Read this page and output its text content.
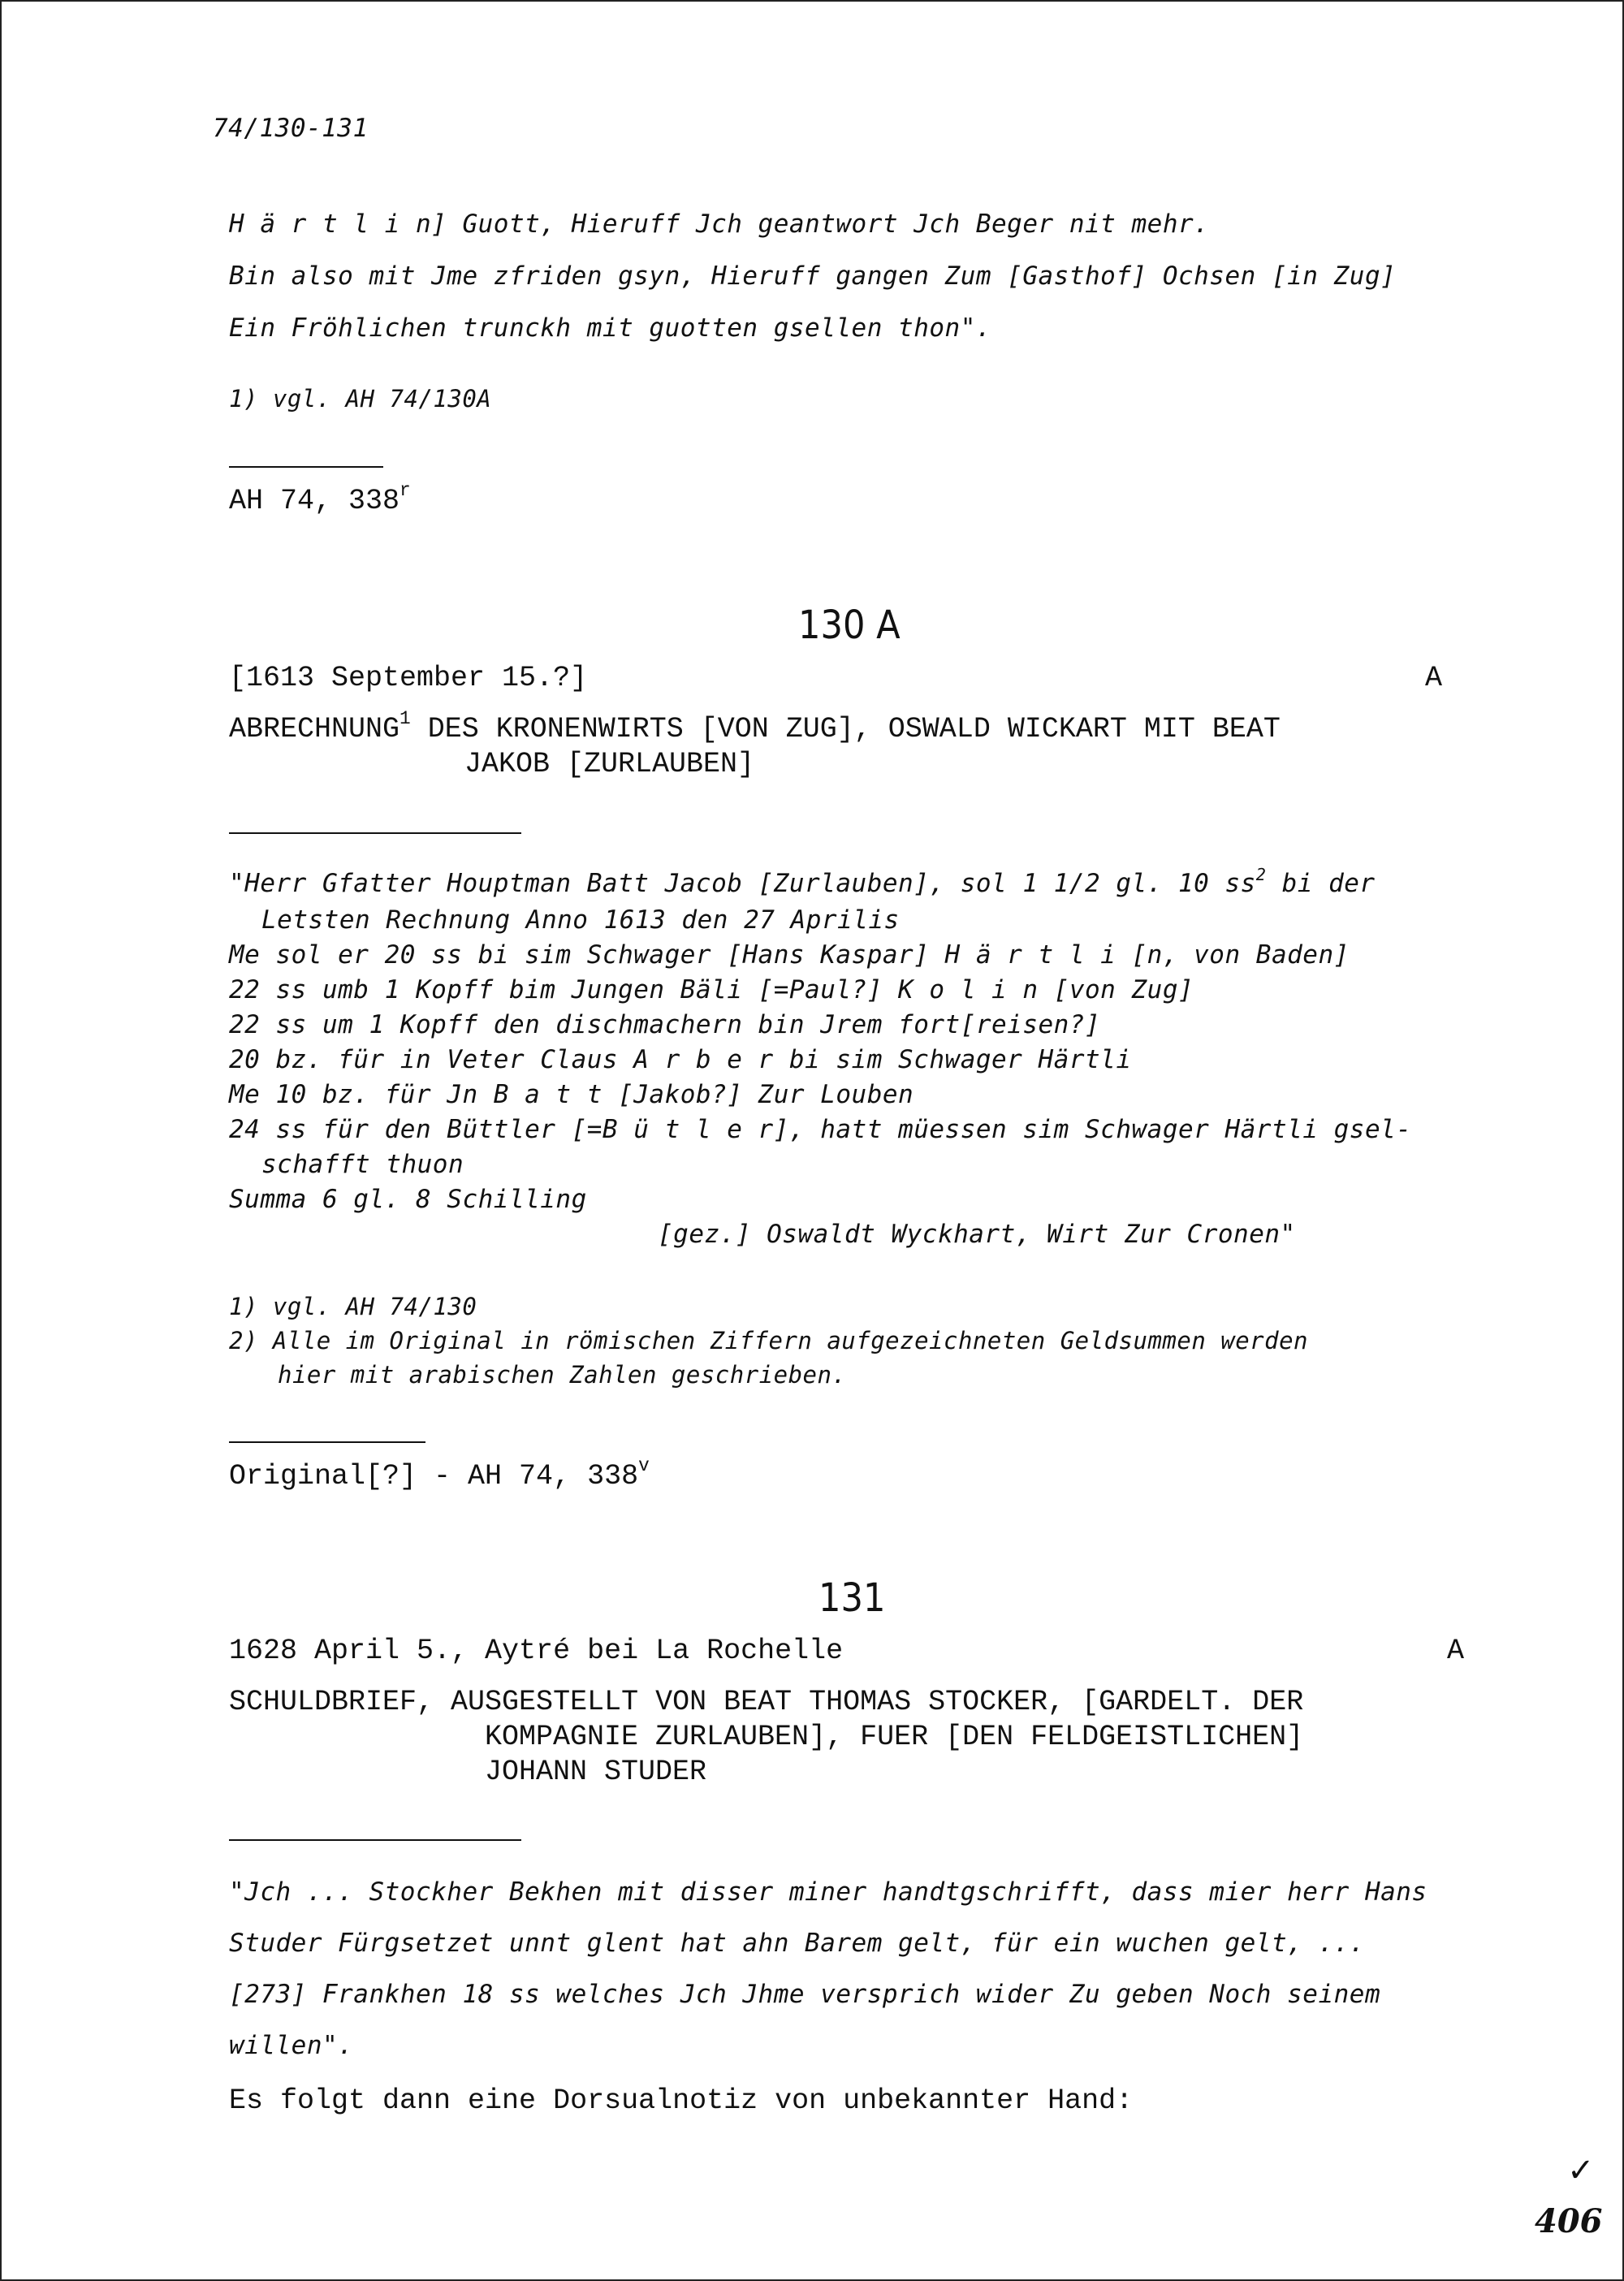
74/130-131
H ä r t l i n] Guott, Hieruff Jch geantwort Jch Beger nit mehr.
Bin also mit Jme zfriden gsyn, Hieruff gangen Zum [Gasthof] Ochsen [in Zug]
Ein Fröhlichen trunckh mit guotten gsellen thon".
1) vgl. AH 74/130A
AH 74, 338$^r$
130 A
[1613 September 15.?]	A
ABRECHNUNG$^1$ DES KRONENWIRTS [VON ZUG], OSWALD WICKART MIT BEAT
JAKOB [ZURLAUBEN]
"Herr Gfatter Houptman Batt Jacob [Zurlauben], sol 1 1/2 gl. 10 $ss^2$ bi der
Letsten Rechnung Anno 1613 den 27 Aprilis
Me sol er 20 ss bi sim Schwager [Hans Kaspar] H ä r t l i [n, von Baden]
22 ss umb 1 Kopff bim Jungen Bäli [=Paul?] K o l i n [von Zug]
22 ss um 1 Kopff den dischmachern bin Jrem fort[reisen?]
20 bz. für in Veter Claus A r b e r bi sim Schwager Härtli
Me 10 bz. für Jn B a t t [Jakob?] Zur Louben
24 ss für den Büttler [=B ü t l e r], hatt müessen sim Schwager Härtli gsel-
schafft thuon
Summa 6 gl. 8 Schilling
[gez.] Oswaldt Wyckhart, Wirt Zur Cronen"
1) vgl. AH 74/130
2) Alle im Original in römischen Ziffern aufgezeichneten Geldsummen werden
hier mit arabischen Zahlen geschrieben.
Original[?] - AH 74, 338$^v$
131
1628 April 5., Aytré bei La Rochelle	A
SCHULDBRIEF, AUSGESTELLT VON BEAT THOMAS STOCKER, [GARDELT. DER
KOMPAGNIE ZURLAUBEN], FUER [DEN FELDGEISTLICHEN]
JOHANN STUDER
"Jch ... Stockher Bekhen mit disser miner handtgschrifft, dass mier herr Hans
Studer Fürgsetzet unnt glent hat ahn Barem gelt, für ein wuchen gelt, ...
[273] Frankhen 18 ss welches Jch Jhme versprich wider Zu geben Noch seinem
willen".
Es folgt dann eine Dorsualnotiz von unbekannter Hand:
✓
406
